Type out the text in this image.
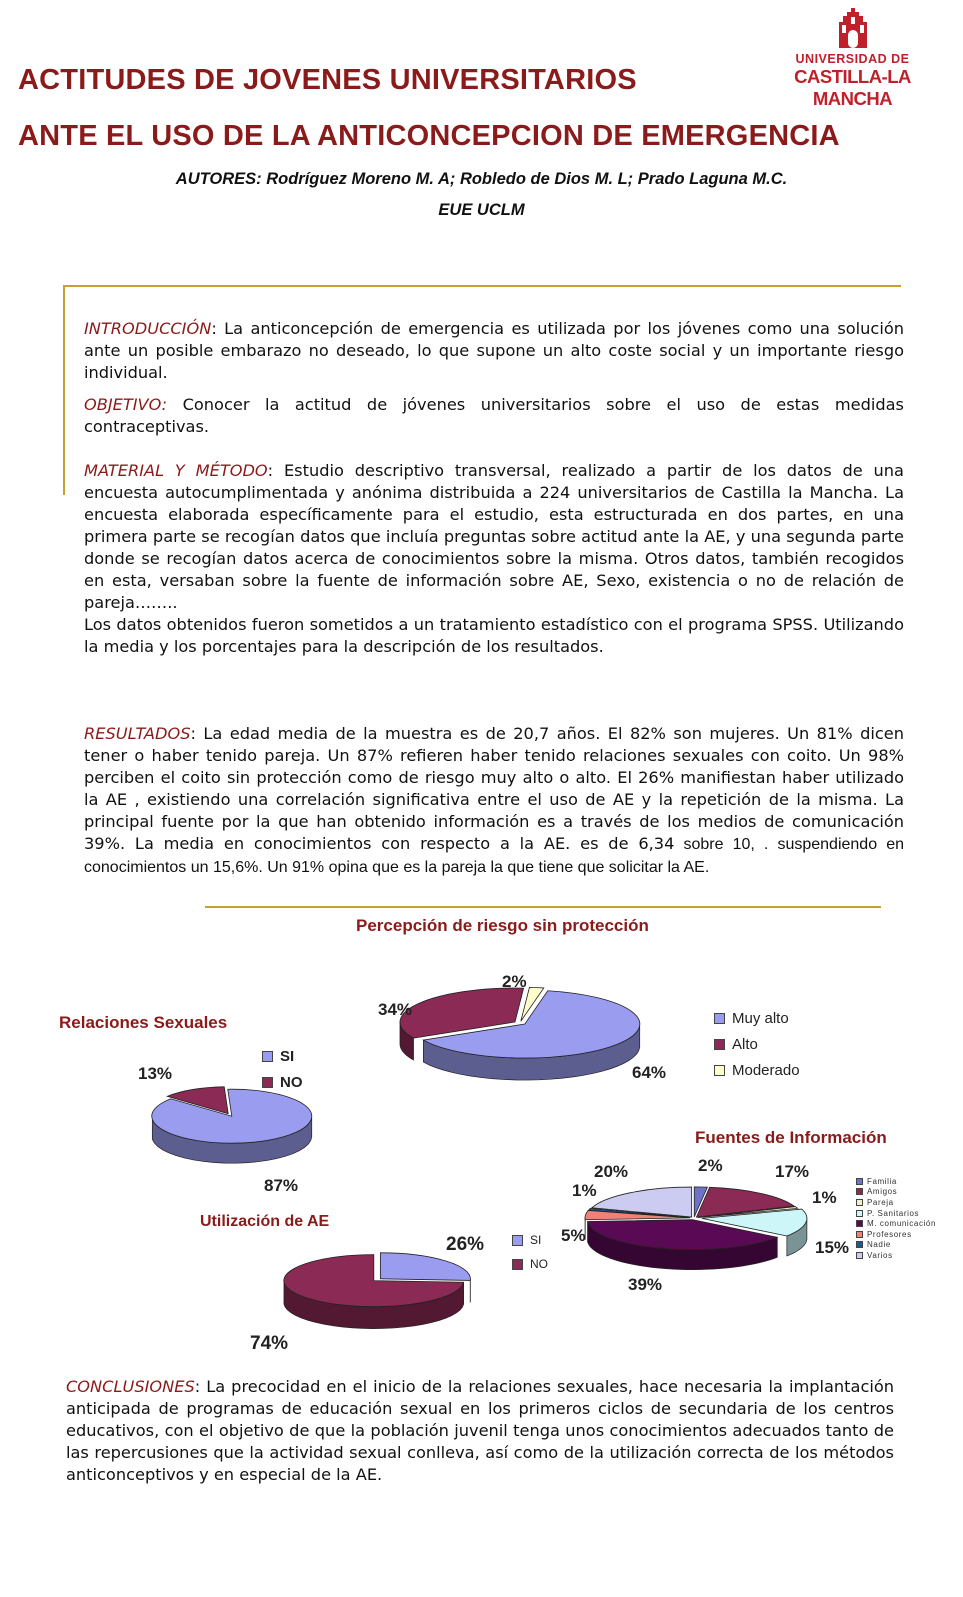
ACTITUDES DE JOVENES UNIVERSITARIOS
ANTE EL USO DE LA ANTICONCEPCION DE EMERGENCIA
UNIVERSIDAD DE
CASTILLA-LA MANCHA
AUTORES: Rodríguez Moreno M. A; Robledo de Dios M. L; Prado Laguna M.C.
EUE UCLM
INTRODUCCIÓN: La anticoncepción de emergencia es utilizada por los jóvenes como una solución ante un posible embarazo no deseado, lo que supone un alto coste social y un importante riesgo individual.
OBJETIVO: Conocer la actitud de jóvenes universitarios sobre el uso de estas medidas contraceptivas.
MATERIAL Y MÉTODO: Estudio descriptivo transversal, realizado a partir de los datos de una encuesta autocumplimentada y anónima distribuida a 224 universitarios de Castilla la Mancha. La encuesta elaborada específicamente para el estudio, esta estructurada en dos partes, en una primera parte se recogían datos que incluía preguntas sobre actitud ante la AE, y una segunda parte donde se recogían datos acerca de conocimientos sobre la misma. Otros datos, también recogidos en esta, versaban sobre la fuente de información sobre AE, Sexo, existencia o no de relación de pareja……..
Los datos obtenidos fueron sometidos a un tratamiento estadístico con el programa SPSS. Utilizando la media y los porcentajes para la descripción de los resultados.
RESULTADOS: La edad media de la muestra es de 20,7 años. El 82% son mujeres. Un 81% dicen tener o haber tenido pareja. Un 87% refieren haber tenido relaciones sexuales con coito. Un 98% perciben el coito sin protección como de riesgo muy alto o alto. El 26% manifiestan haber utilizado la AE , existiendo una correlación significativa entre el uso de AE y la repetición de la misma. La principal fuente por la que han obtenido información es a través de los medios de comunicación 39%. La media en conocimientos con respecto a la AE. es de 6,34 sobre 10, . suspendiendo en conocimientos un 15,6%. Un 91% opina que es la pareja la que tiene que solicitar la AE.
Percepción de riesgo sin protección
2%
34%
64%
Muy alto
Alto
Moderado
Relaciones Sexuales
13%
87%
SI
NO
Utilización de AE
26%
74%
SI
NO
Fuentes de Información
2%	17%
1%
15%
39%
5%
1%
20%
Familia
Amigos
Pareja
P. Sanitarios
M. comunicación
Profesores
Nadie
Varios
CONCLUSIONES: La precocidad en el inicio de la relaciones sexuales, hace necesaria la implantación anticipada de programas de educación sexual en los primeros ciclos de secundaria de los centros educativos, con el objetivo de que la población juvenil tenga unos conocimientos adecuados tanto de las repercusiones que la actividad sexual conlleva, así como de la utilización correcta de los métodos anticonceptivos y en especial de la AE.
